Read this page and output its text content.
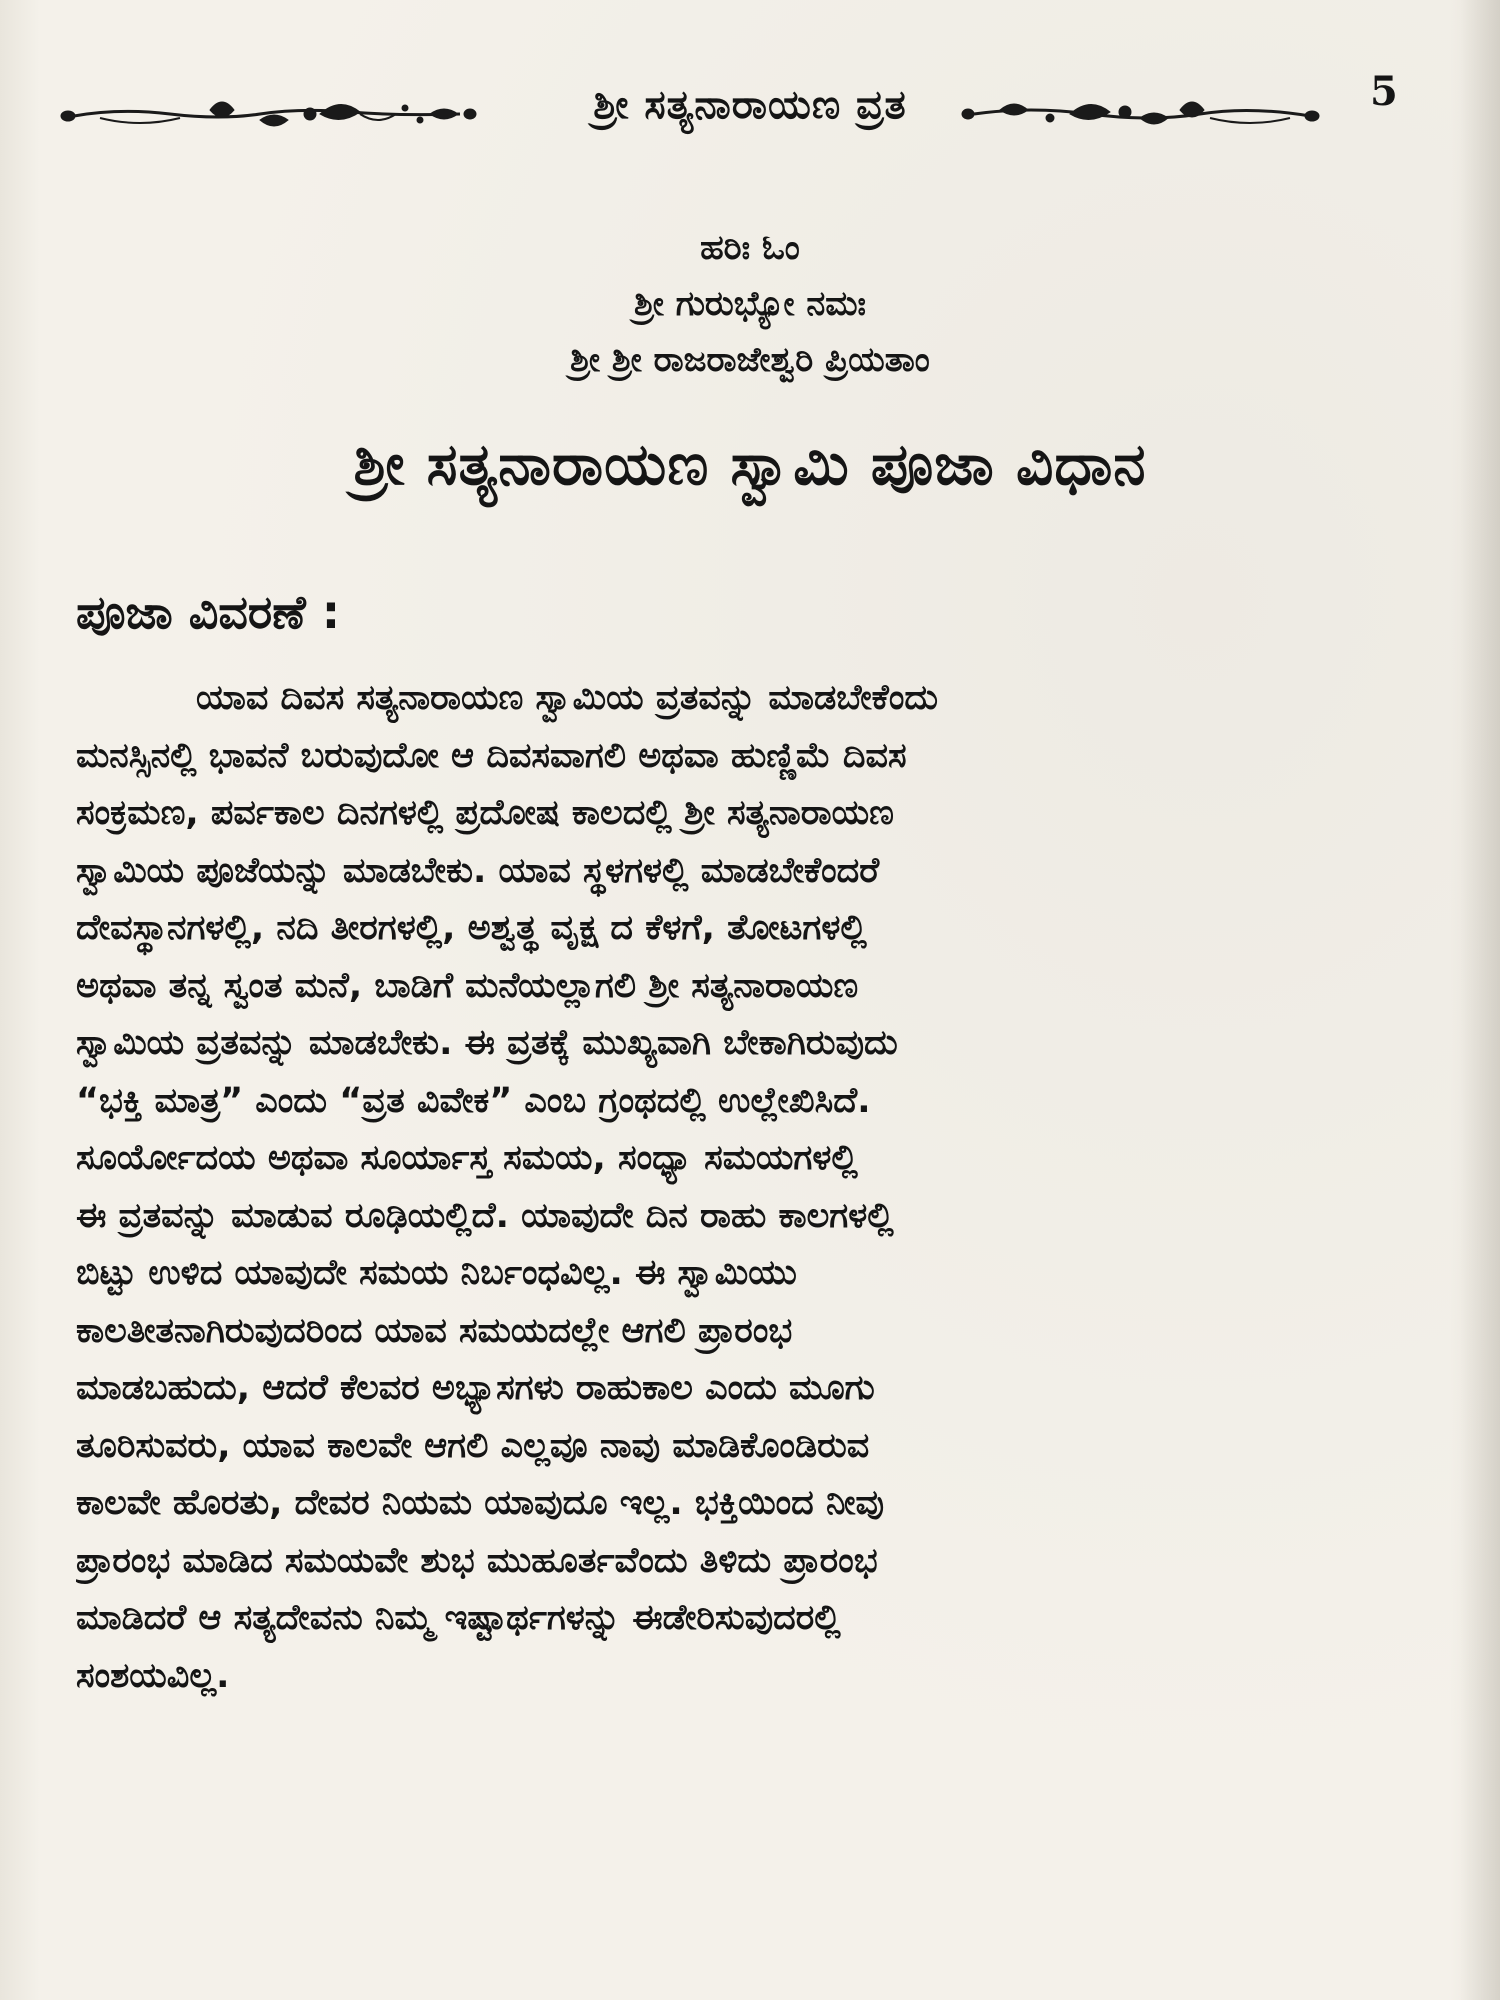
ಶ್ರೀ ಸತ್ಯನಾರಾಯಣ ವ್ರತ	5
ಹರಿಃ ಓಂ
ಶ್ರೀ ಗುರುಭ್ಯೋ ನಮಃ
ಶ್ರೀ ಶ್ರೀ ರಾಜರಾಜೇಶ್ವರಿ ಪ್ರಿಯತಾಂ
ಶ್ರೀ ಸತ್ಯನಾರಾಯಣ ಸ್ವಾಮಿ ಪೂಜಾ ವಿಧಾನ
ಪೂಜಾ ವಿವರಣೆ :
ಯಾವ ದಿವಸ ಸತ್ಯನಾರಾಯಣ ಸ್ವಾಮಿಯ ವ್ರತವನ್ನು ಮಾಡಬೇಕೆಂದು
ಮನಸ್ಸಿನಲ್ಲಿ ಭಾವನೆ ಬರುವುದೋ ಆ ದಿವಸವಾಗಲಿ ಅಥವಾ ಹುಣ್ಣಿಮೆ ದಿವಸ
ಸಂಕ್ರಮಣ, ಪರ್ವಕಾಲ ದಿನಗಳಲ್ಲಿ ಪ್ರದೋಷ ಕಾಲದಲ್ಲಿ ಶ್ರೀ ಸತ್ಯನಾರಾಯಣ
ಸ್ವಾಮಿಯ ಪೂಜೆಯನ್ನು ಮಾಡಬೇಕು. ಯಾವ ಸ್ಥಳಗಳಲ್ಲಿ ಮಾಡಬೇಕೆಂದರೆ
ದೇವಸ್ಥಾನಗಳಲ್ಲಿ, ನದಿ ತೀರಗಳಲ್ಲಿ, ಅಶ್ವತ್ಥ ವೃಕ್ಷ ದ ಕೆಳಗೆ, ತೋಟಗಳಲ್ಲಿ
ಅಥವಾ ತನ್ನ ಸ್ವಂತ ಮನೆ, ಬಾಡಿಗೆ ಮನೆಯಲ್ಲಾಗಲಿ ಶ್ರೀ ಸತ್ಯನಾರಾಯಣ
ಸ್ವಾಮಿಯ ವ್ರತವನ್ನು ಮಾಡಬೇಕು. ಈ ವ್ರತಕ್ಕೆ ಮುಖ್ಯವಾಗಿ ಬೇಕಾಗಿರುವುದು
“ಭಕ್ತಿ ಮಾತ್ರ” ಎಂದು “ವ್ರತ ವಿವೇಕ” ಎಂಬ ಗ್ರಂಥದಲ್ಲಿ ಉಲ್ಲೇಖಿಸಿದೆ.
ಸೂರ್ಯೋದಯ ಅಥವಾ ಸೂರ್ಯಾಸ್ತ ಸಮಯ, ಸಂಧ್ಯಾ ಸಮಯಗಳಲ್ಲಿ
ಈ ವ್ರತವನ್ನು ಮಾಡುವ ರೂಢಿಯಲ್ಲಿದೆ. ಯಾವುದೇ ದಿನ ರಾಹು ಕಾಲಗಳಲ್ಲಿ
ಬಿಟ್ಟು ಉಳಿದ ಯಾವುದೇ ಸಮಯ ನಿರ್ಬಂಧವಿಲ್ಲ. ಈ ಸ್ವಾಮಿಯು
ಕಾಲತೀತನಾಗಿರುವುದರಿಂದ ಯಾವ ಸಮಯದಲ್ಲೇ ಆಗಲಿ ಪ್ರಾರಂಭ
ಮಾಡಬಹುದು, ಆದರೆ ಕೆಲವರ ಅಭ್ಯಾಸಗಳು ರಾಹುಕಾಲ ಎಂದು ಮೂಗು
ತೂರಿಸುವರು, ಯಾವ ಕಾಲವೇ ಆಗಲಿ ಎಲ್ಲವೂ ನಾವು ಮಾಡಿಕೊಂಡಿರುವ
ಕಾಲವೇ ಹೊರತು, ದೇವರ ನಿಯಮ ಯಾವುದೂ ಇಲ್ಲ. ಭಕ್ತಿಯಿಂದ ನೀವು
ಪ್ರಾರಂಭ ಮಾಡಿದ ಸಮಯವೇ ಶುಭ ಮುಹೂರ್ತವೆಂದು ತಿಳಿದು ಪ್ರಾರಂಭ
ಮಾಡಿದರೆ ಆ ಸತ್ಯದೇವನು ನಿಮ್ಮ ಇಷ್ಟಾರ್ಥಗಳನ್ನು ಈಡೇರಿಸುವುದರಲ್ಲಿ
ಸಂಶಯವಿಲ್ಲ.
